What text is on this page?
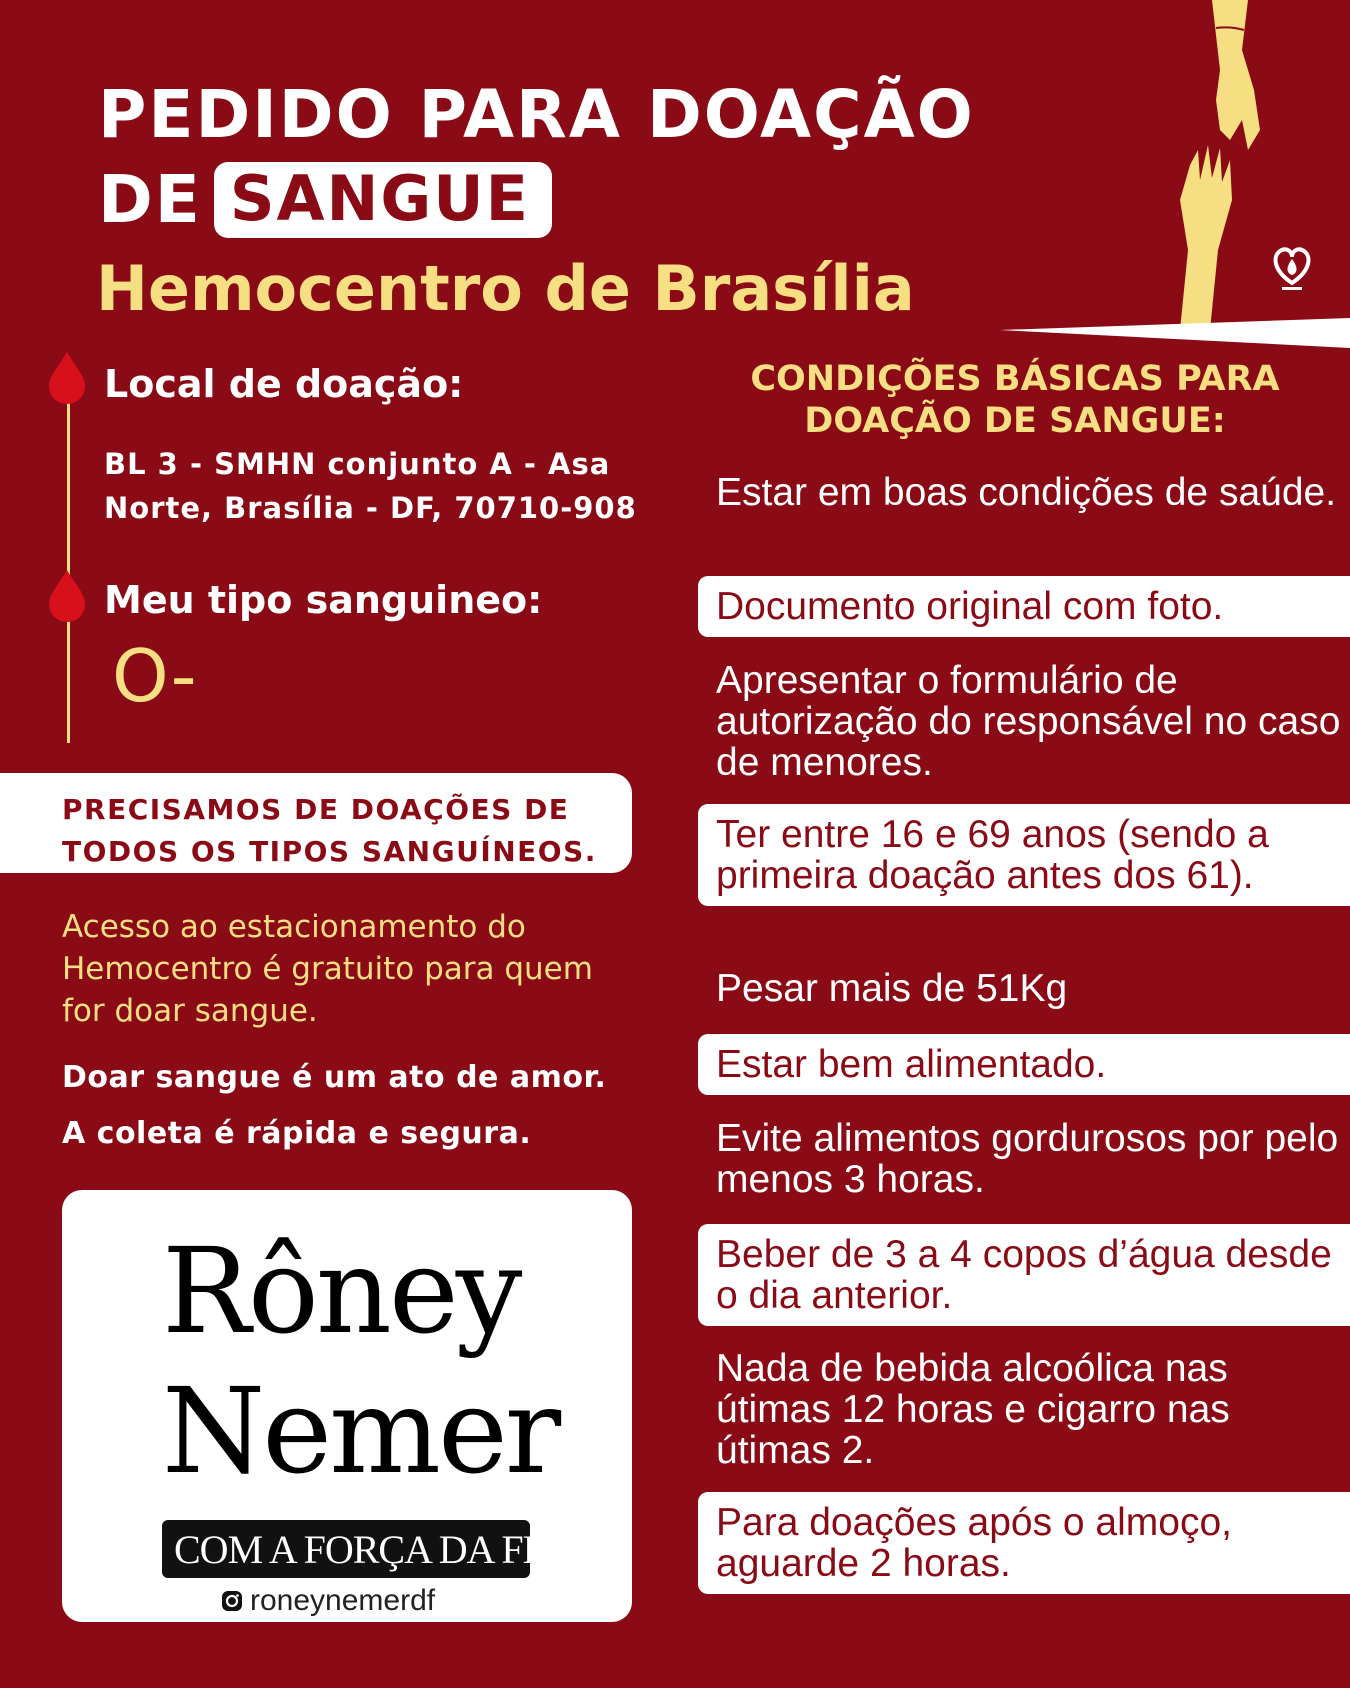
PEDIDO PARA DOAÇÃO
DE SANGUE
Hemocentro de Brasília
Local de doação:
BL 3 - SMHN conjunto A - Asa
Norte, Brasília - DF, 70710-908
Meu tipo sanguineo:
O-
PRECISAMOS DE DOAÇÕES DE
TODOS OS TIPOS SANGUÍNEOS.
Acesso ao estacionamento do Hemocentro é gratuito para quem for doar sangue.
Doar sangue é um ato de amor.
A coleta é rápida e segura.
Rôney
Nemer
COM A FORÇA DA FÉ
roneynemerdf
CONDIÇÕES BÁSICAS PARA DOAÇÃO DE SANGUE:
Estar em boas condições de saúde.
Documento original com foto.
Apresentar o formulário de autorização do responsável no caso de menores.
Ter entre 16 e 69 anos (sendo a primeira doação antes dos 61).
Pesar mais de 51Kg
Estar bem alimentado.
Evite alimentos gordurosos por pelo menos 3 horas.
Beber de 3 a 4 copos d’água desde o dia anterior.
Nada de bebida alcoólica nas útimas 12 horas e cigarro nas útimas 2.
Para doações após o almoço, aguarde 2 horas.
